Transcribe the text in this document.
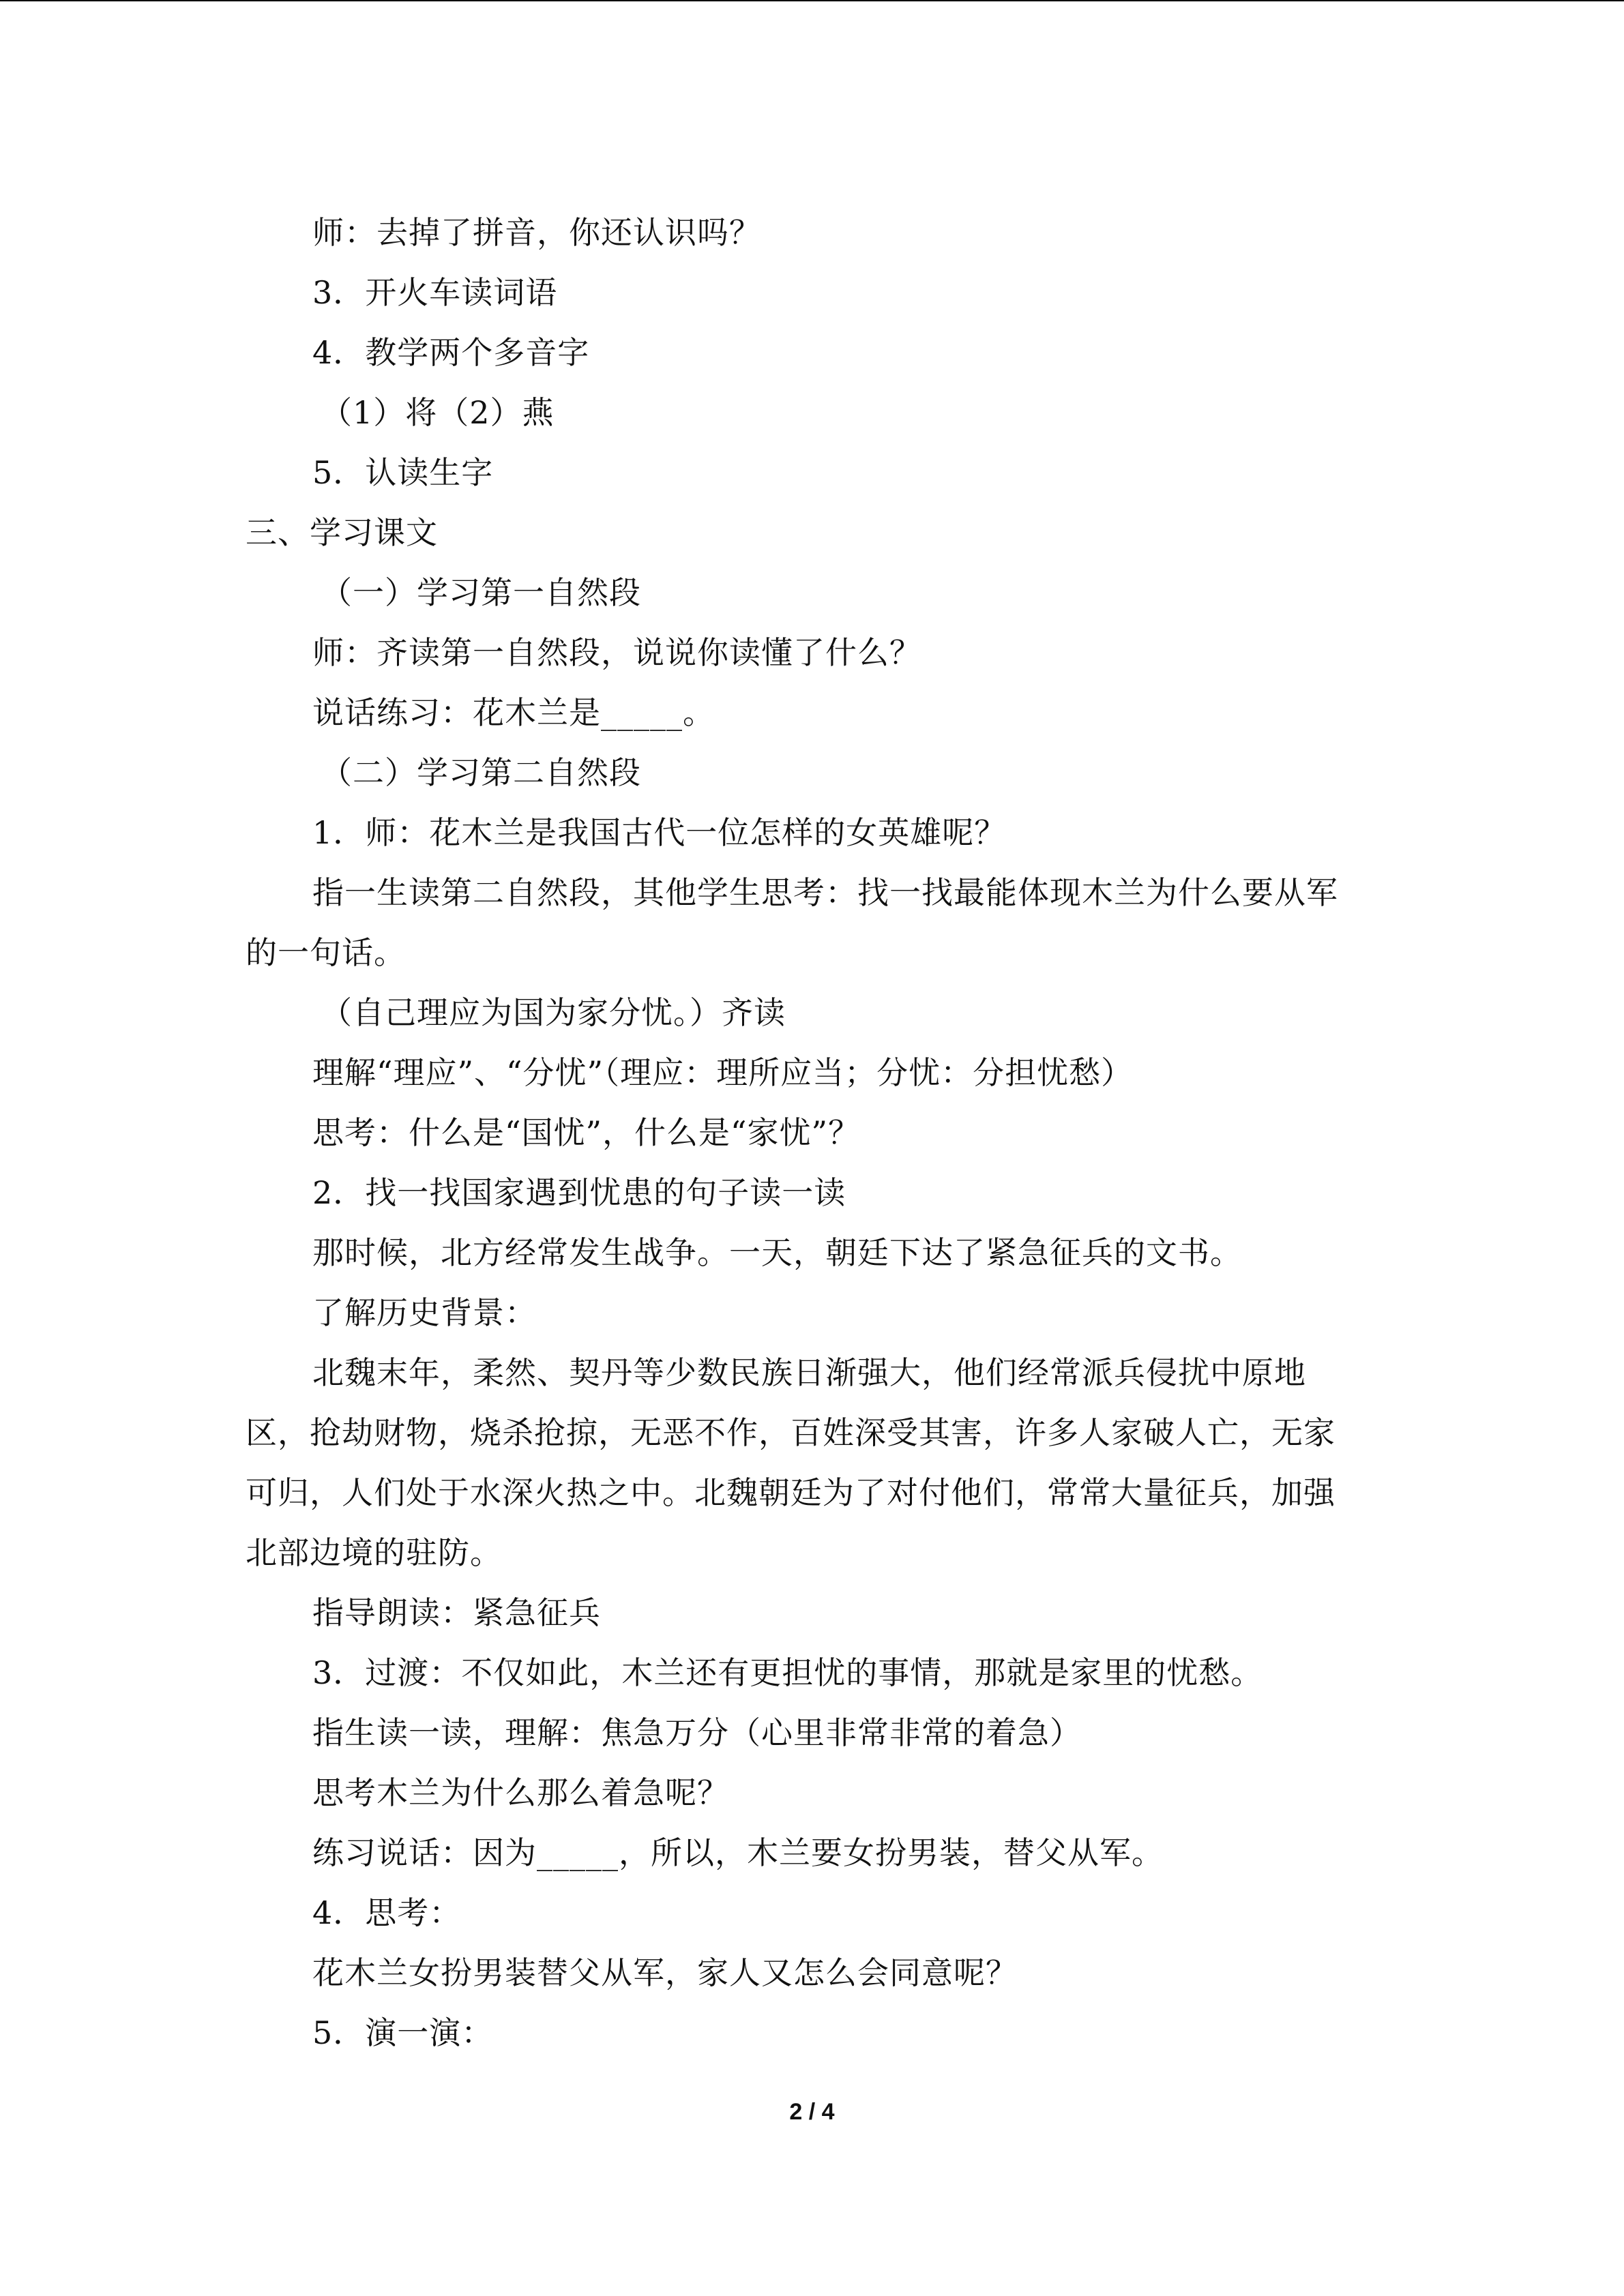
师：去掉了拼音，你还认识吗？
3．开火车读词语
4．教学两个多音字
（1）将（2）燕
5．认读生字
三、学习课文
（一）学习第一自然段
师：齐读第一自然段，说说你读懂了什么？
说话练习：花木兰是_____。
（二）学习第二自然段
1．师：花木兰是我国古代一位怎样的女英雄呢？
指一生读第二自然段，其他学生思考：找一找最能体现木兰为什么要从军
的一句话。
（自己理应为国为家分忧。）齐读
理解“理应”、“分忧”（理应：理所应当；分忧：分担忧愁）
思考：什么是“国忧”，什么是“家忧”？
2．找一找国家遇到忧患的句子读一读
那时候，北方经常发生战争。一天，朝廷下达了紧急征兵的文书。
了解历史背景：
北魏末年，柔然、契丹等少数民族日渐强大，他们经常派兵侵扰中原地
区，抢劫财物，烧杀抢掠，无恶不作，百姓深受其害，许多人家破人亡，无家
可归，人们处于水深火热之中。北魏朝廷为了对付他们，常常大量征兵，加强
北部边境的驻防。
指导朗读：紧急征兵
3．过渡：不仅如此，木兰还有更担忧的事情，那就是家里的忧愁。
指生读一读，理解：焦急万分（心里非常非常的着急）
思考木兰为什么那么着急呢？
练习说话：因为_____，所以，木兰要女扮男装，替父从军。
4．思考：
花木兰女扮男装替父从军，家人又怎么会同意呢？
5．演一演：
2 / 4
